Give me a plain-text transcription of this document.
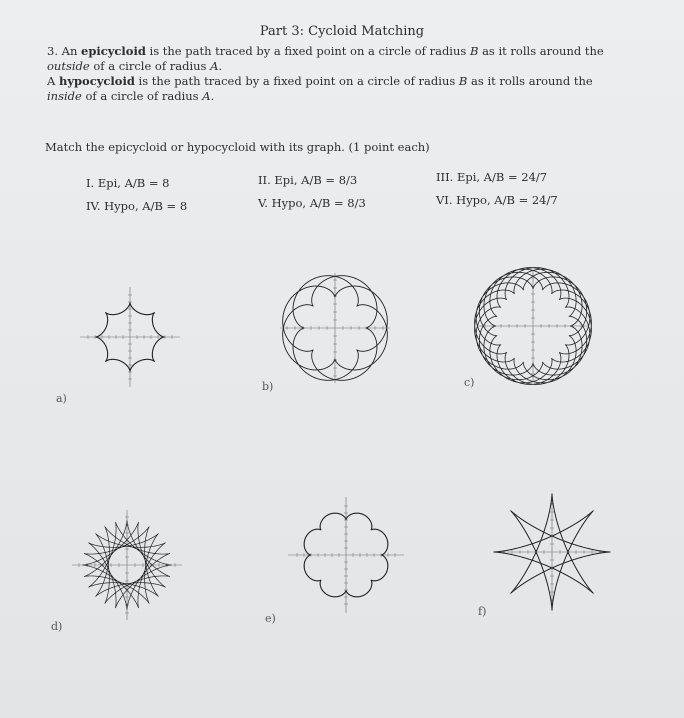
Part 3: Cycloid Matching

3. An epicycloid is the path traced by a fixed point on a circle of radius B as it rolls around the outside of a circle of radius A.

A hypocycloid is the path traced by a fixed point on a circle of radius B as it rolls around the inside of a circle of radius A.

Match the epicycloid or hypocycloid with its graph. (1 point each)
I. Epi, A/B = 8	II. Epi, A/B = 8/3	III. Epi, A/B = 24/7
IV. Hypo, A/B = 8	V. Hypo, A/B = 8/3	VI. Hypo, A/B = 24/7
a)
b)	c)
d)
e)
f)
